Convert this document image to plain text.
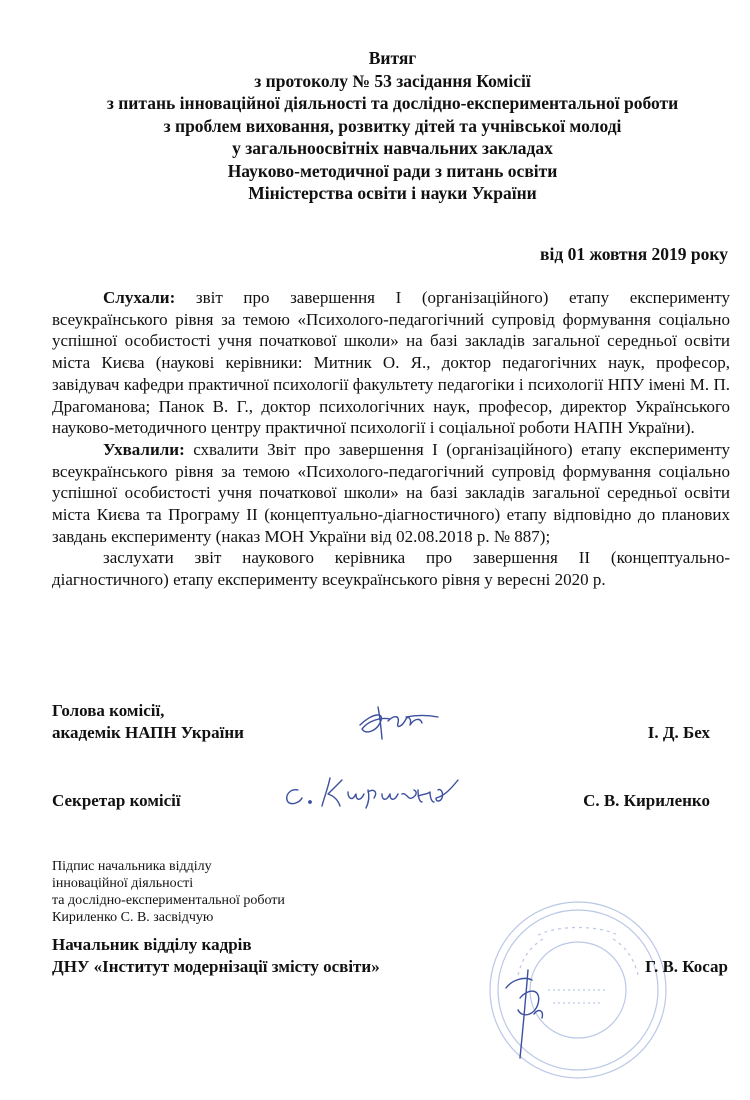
Витяг
з протоколу № 53 засідання Комісії
з питань інноваційної діяльності та дослідно-експериментальної роботи
з проблем виховання, розвитку дітей та учнівської молоді
у загальноосвітніх навчальних закладах
Науково-методичної ради з питань освіти
Міністерства освіти і науки України
від 01 жовтня 2019 року

Слухали: звіт про завершення І (організаційного) етапу експерименту всеукраїнського рівня за темою «Психолого-педагогічний супровід формування соціально успішної особистості учня початкової школи» на базі закладів загальної середньої освіти міста Києва (наукові керівники: Митник О. Я., доктор педагогічних наук, професор, завідувач кафедри практичної психології факультету педагогіки і психології НПУ імені М. П. Драгоманова; Панок В. Г., доктор психологічних наук, професор, директор Українського науково-методичного центру практичної психології і соціальної роботи НАПН України).

Ухвалили: схвалити Звіт про завершення І (організаційного) етапу експерименту всеукраїнського рівня за темою «Психолого-педагогічний супровід формування соціально успішної особистості учня початкової школи» на базі закладів загальної середньої освіти міста Києва та Програму ІІ (концептуально-діагностичного) етапу відповідно до планових завдань експерименту (наказ МОН України від 02.08.2018 р. № 887);

заслухати звіт наукового керівника про завершення ІІ (концептуально-діагностичного) етапу експерименту всеукраїнського рівня у вересні 2020 р.

Голова комісії,
академік НАПН України	І. Д. Бех
Секретар комісії	С. В. Кириленко
Підпис начальника відділу
інноваційної діяльності
та дослідно-експериментальної роботи
Кириленко С. В. засвідчую
Начальник відділу кадрів
ДНУ «Інститут модернізації змісту освіти»	Г. В. Косар
